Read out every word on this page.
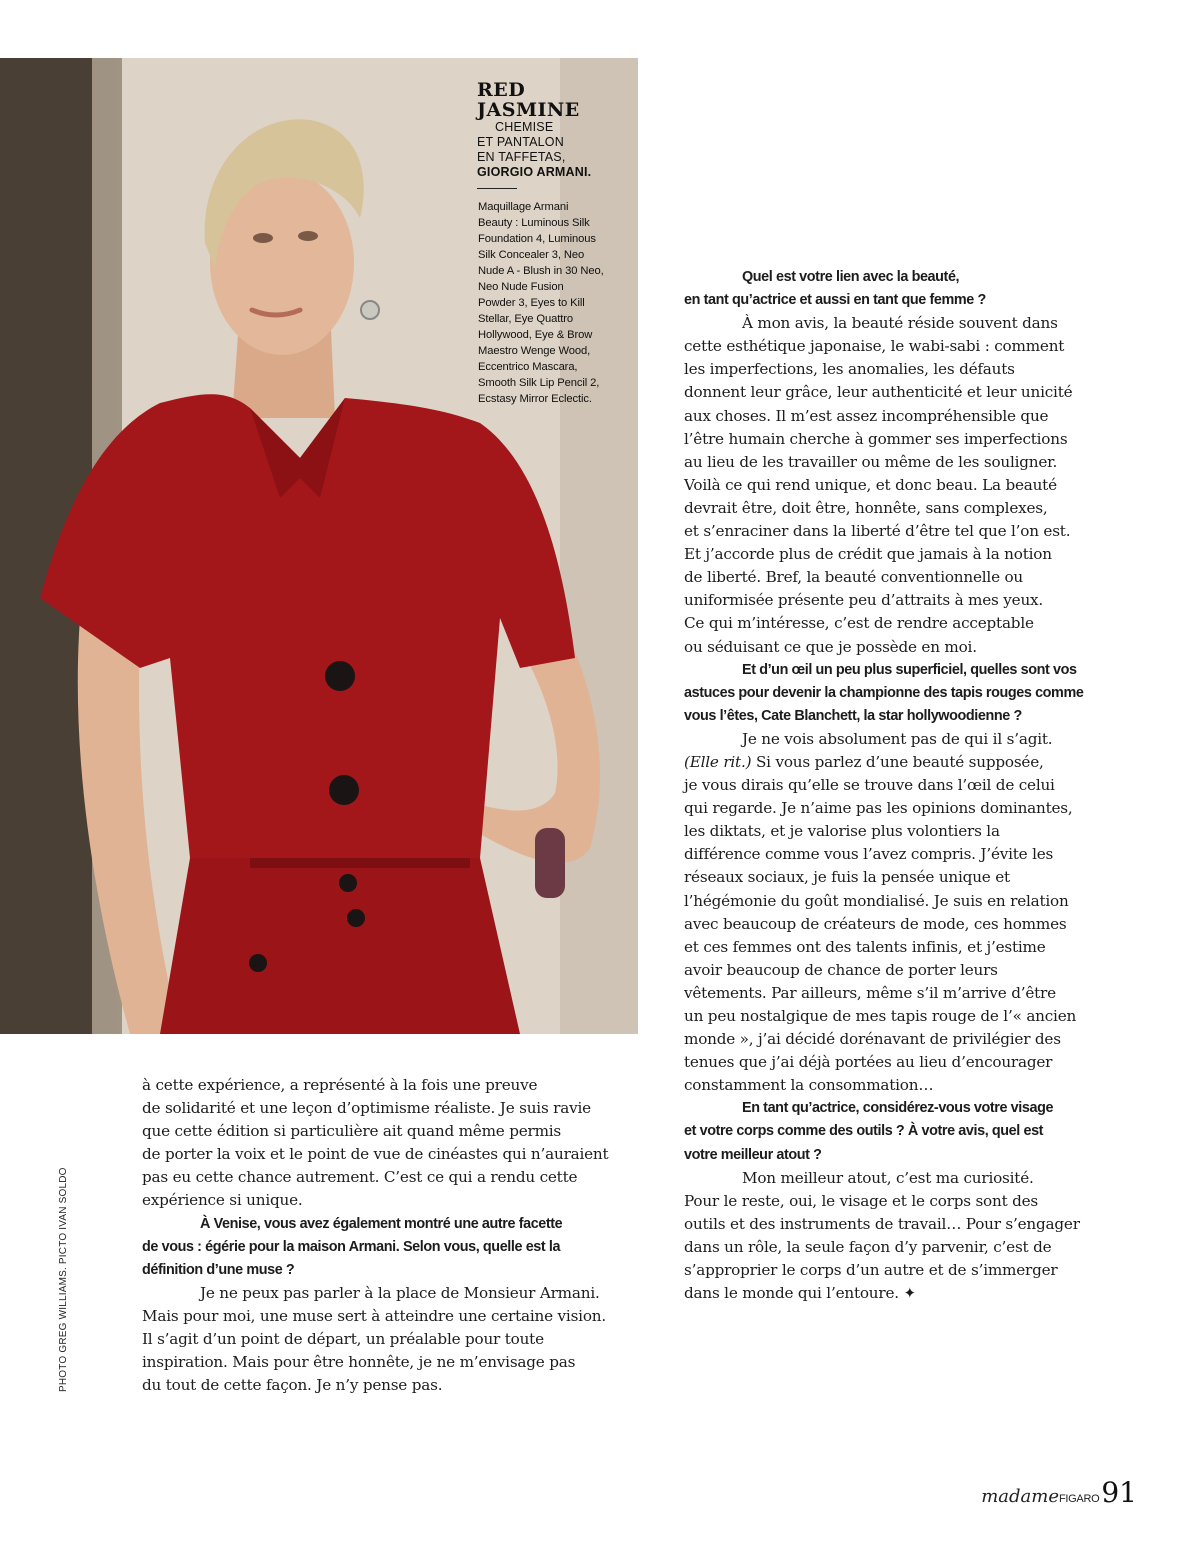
RED
JASMINE
CHEMISE
ET PANTALON
EN TAFFETAS,
GIORGIO ARMANI.
Maquillage Armani
Beauty : Luminous Silk
Foundation 4, Luminous
Silk Concealer 3, Neo
Nude A - Blush in 30 Neo,
Neo Nude Fusion
Powder 3, Eyes to Kill
Stellar, Eye Quattro
Hollywood, Eye & Brow
Maestro Wenge Wood,
Eccentrico Mascara,
Smooth Silk Lip Pencil 2,
Ecstasy Mirror Eclectic.

à cette expérience, a représenté à la fois une preuve

de solidarité et une leçon d’optimisme réaliste. Je suis ravie

que cette édition si particulière ait quand même permis

de porter la voix et le point de vue de cinéastes qui n’auraient

pas eu cette chance autrement. C’est ce qui a rendu cette

expérience si unique.

À Venise, vous avez également montré une autre facette

de vous : égérie pour la maison Armani. Selon vous, quelle est la

définition d’une muse ?

Je ne peux pas parler à la place de Monsieur Armani.

Mais pour moi, une muse sert à atteindre une certaine vision.

Il s’agit d’un point de départ, un préalable pour toute

inspiration. Mais pour être honnête, je ne m’envisage pas

du tout de cette façon. Je n’y pense pas.

Quel est votre lien avec la beauté,

en tant qu’actrice et aussi en tant que femme ?

À mon avis, la beauté réside souvent dans

cette esthétique japonaise, le wabi-sabi : comment

les imperfections, les anomalies, les défauts

donnent leur grâce, leur authenticité et leur unicité

aux choses. Il m’est assez incompréhensible que

l’être humain cherche à gommer ses imperfections

au lieu de les travailler ou même de les souligner.

Voilà ce qui rend unique, et donc beau. La beauté

devrait être, doit être, honnête, sans complexes,

et s’enraciner dans la liberté d’être tel que l’on est.

Et j’accorde plus de crédit que jamais à la notion

de liberté. Bref, la beauté conventionnelle ou

uniformisée présente peu d’attraits à mes yeux.

Ce qui m’intéresse, c’est de rendre acceptable

ou séduisant ce que je possède en moi.

Et d’un œil un peu plus superficiel, quelles sont vos

astuces pour devenir la championne des tapis rouges comme

vous l’êtes, Cate Blanchett, la star hollywoodienne ?

Je ne vois absolument pas de qui il s’agit.

(Elle rit.) Si vous parlez d’une beauté supposée,

je vous dirais qu’elle se trouve dans l’œil de celui

qui regarde. Je n’aime pas les opinions dominantes,

les diktats, et je valorise plus volontiers la

différence comme vous l’avez compris. J’évite les

réseaux sociaux, je fuis la pensée unique et

l’hégémonie du goût mondialisé. Je suis en relation

avec beaucoup de créateurs de mode, ces hommes

et ces femmes ont des talents infinis, et j’estime

avoir beaucoup de chance de porter leurs

vêtements. Par ailleurs, même s’il m’arrive d’être

un peu nostalgique de mes tapis rouge de l’« ancien

monde », j’ai décidé dorénavant de privilégier des

tenues que j’ai déjà portées au lieu d’encourager

constamment la consommation…

En tant qu’actrice, considérez-vous votre visage

et votre corps comme des outils ? À votre avis, quel est

votre meilleur atout ?

Mon meilleur atout, c’est ma curiosité.

Pour le reste, oui, le visage et le corps sont des

outils et des instruments de travail… Pour s’engager

dans un rôle, la seule façon d’y parvenir, c’est de

s’approprier le corps d’un autre et de s’immerger

dans le monde qui l’entoure. ✦

PHOTO GREG WILLIAMS. PICTO IVAN SOLDO
madame FIGARO 91
